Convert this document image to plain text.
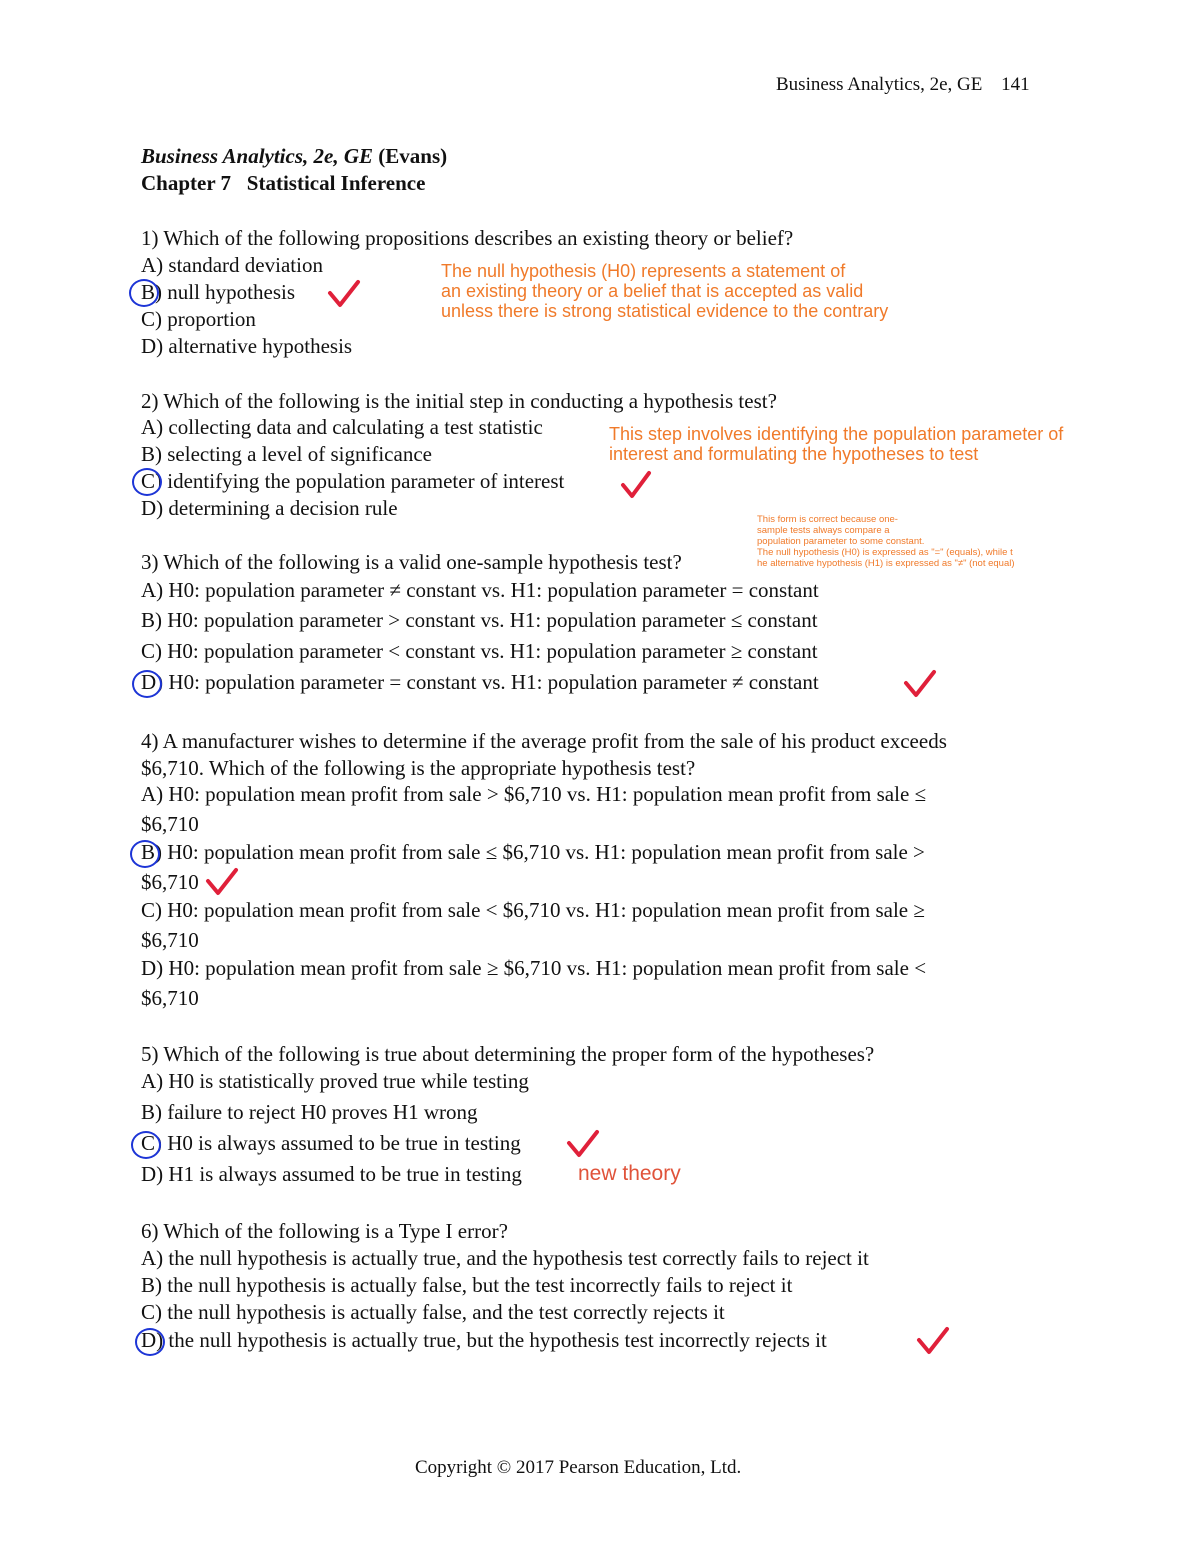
Business Analytics, 2e, GE 141
Business Analytics, 2e, GE (Evans)
Chapter 7   Statistical Inference
1) Which of the following propositions describes an existing theory or belief?
A) standard deviation
B) null hypothesis
C) proportion
D) alternative hypothesis
The null hypothesis (H0) represents a statement of
an existing theory or a belief that is accepted as valid
unless there is strong statistical evidence to the contrary
2) Which of the following is the initial step in conducting a hypothesis test?
A) collecting data and calculating a test statistic
B) selecting a level of significance
C) identifying the population parameter of interest
D) determining a decision rule
This step involves identifying the population parameter of
interest and formulating the hypotheses to test
3) Which of the following is a valid one-sample hypothesis test?
A) H0: population parameter ≠ constant vs. H1: population parameter = constant
B) H0: population parameter > constant vs. H1: population parameter ≤ constant
C) H0: population parameter < constant vs. H1: population parameter ≥ constant
D) H0: population parameter = constant vs. H1: population parameter ≠ constant
This form is correct because one-
sample tests always compare a
population parameter to some constant.
The null hypothesis (H0) is expressed as "=" (equals), while t
he alternative hypothesis (H1) is expressed as "≠" (not equal)
4) A manufacturer wishes to determine if the average profit from the sale of his product exceeds
$6,710. Which of the following is the appropriate hypothesis test?
A) H0: population mean profit from sale > $6,710 vs. H1: population mean profit from sale ≤
$6,710
B) H0: population mean profit from sale ≤ $6,710 vs. H1: population mean profit from sale >
$6,710
C) H0: population mean profit from sale < $6,710 vs. H1: population mean profit from sale ≥
$6,710
D) H0: population mean profit from sale ≥ $6,710 vs. H1: population mean profit from sale <
$6,710
5) Which of the following is true about determining the proper form of the hypotheses?
A) H0 is statistically proved true while testing
B) failure to reject H0 proves H1 wrong
C) H0 is always assumed to be true in testing
D) H1 is always assumed to be true in testing	new theory
6) Which of the following is a Type I error?
A) the null hypothesis is actually true, and the hypothesis test correctly fails to reject it
B) the null hypothesis is actually false, but the test incorrectly fails to reject it
C) the null hypothesis is actually false, and the test correctly rejects it
D) the null hypothesis is actually true, but the hypothesis test incorrectly rejects it
Copyright © 2017 Pearson Education, Ltd.
